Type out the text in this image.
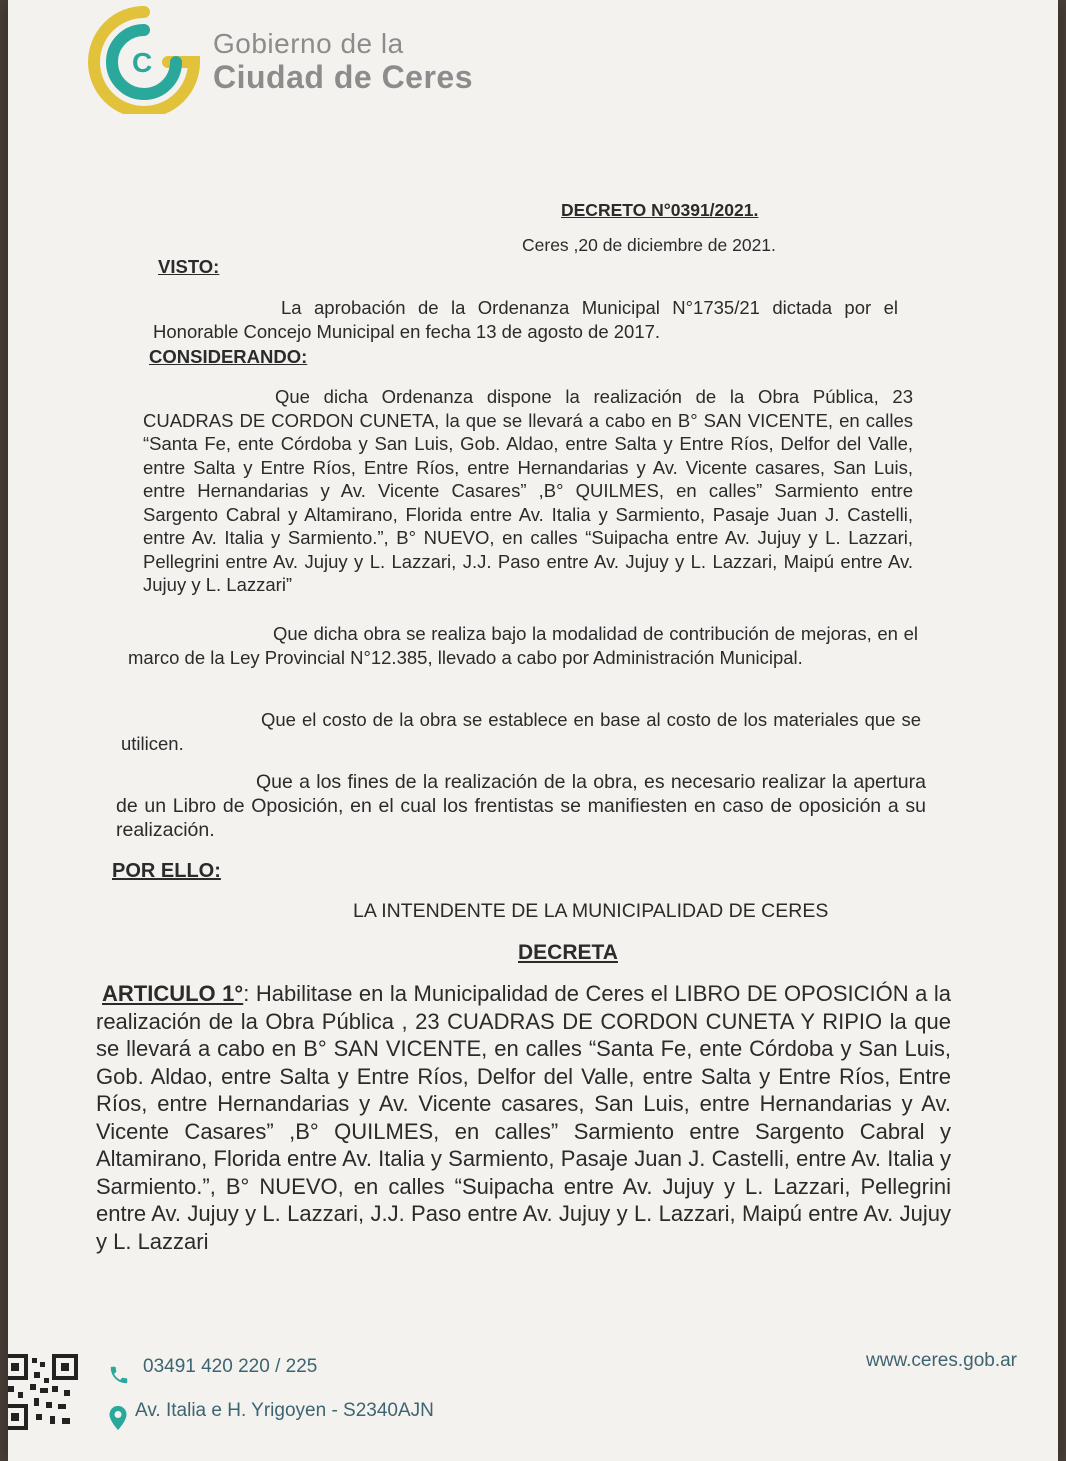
C
Gobierno de la
Ciudad de Ceres
DECRETO N°0391/2021.
Ceres ,20 de diciembre de 2021.
VISTO:
La aprobación de la Ordenanza Municipal N°1735/21 dictada por el Honorable Concejo Municipal en fecha 13 de agosto de 2017.
CONSIDERANDO:
Que dicha Ordenanza dispone la realización de la Obra Pública, 23 CUADRAS DE CORDON CUNETA, la que se llevará a cabo en B° SAN VICENTE, en calles “Santa Fe, ente Córdoba y San Luis, Gob. Aldao, entre Salta y Entre Ríos, Delfor del Valle, entre Salta y Entre Ríos, Entre Ríos, entre Hernandarias y Av. Vicente casares, San Luis, entre Hernandarias y Av. Vicente Casares” ,B° QUILMES, en calles” Sarmiento entre Sargento Cabral y Altamirano, Florida entre Av. Italia y Sarmiento, Pasaje Juan J. Castelli, entre Av. Italia y Sarmiento.”, B° NUEVO, en calles “Suipacha entre Av. Jujuy y L. Lazzari, Pellegrini entre Av. Jujuy y L. Lazzari, J.J. Paso entre Av. Jujuy y L. Lazzari, Maipú entre Av. Jujuy y L. Lazzari”
Que dicha obra se realiza bajo la modalidad de contribución de mejoras, en el marco de la Ley Provincial N°12.385, llevado a cabo por Administración Municipal.
Que el costo de la obra se establece en base al costo de los materiales que se utilicen.
Que a los fines de la realización de la obra, es necesario realizar la apertura de un Libro de Oposición, en el cual los frentistas se manifiesten en caso de oposición a su realización.
POR ELLO:
LA INTENDENTE DE LA MUNICIPALIDAD DE CERES
DECRETA
ARTICULO 1°: Habilitase en la Municipalidad de Ceres el LIBRO DE OPOSICIÓN a la realización de la Obra Pública , 23 CUADRAS DE CORDON CUNETA Y RIPIO la que se llevará a cabo en B° SAN VICENTE, en calles “Santa Fe, ente Córdoba y San Luis, Gob. Aldao, entre Salta y Entre Ríos, Delfor del Valle, entre Salta y Entre Ríos, Entre Ríos, entre Hernandarias y Av. Vicente casares, San Luis, entre Hernandarias y Av. Vicente Casares” ,B° QUILMES, en calles” Sarmiento entre Sargento Cabral y Altamirano, Florida entre Av. Italia y Sarmiento, Pasaje Juan J. Castelli, entre Av. Italia y Sarmiento.”, B° NUEVO, en calles “Suipacha entre Av. Jujuy y L. Lazzari, Pellegrini entre Av. Jujuy y L. Lazzari, J.J. Paso entre Av. Jujuy y L. Lazzari, Maipú entre Av. Jujuy y L. Lazzari
03491 420 220 / 225
Av. Italia e H. Yrigoyen - S2340AJN
www.ceres.gob.ar
